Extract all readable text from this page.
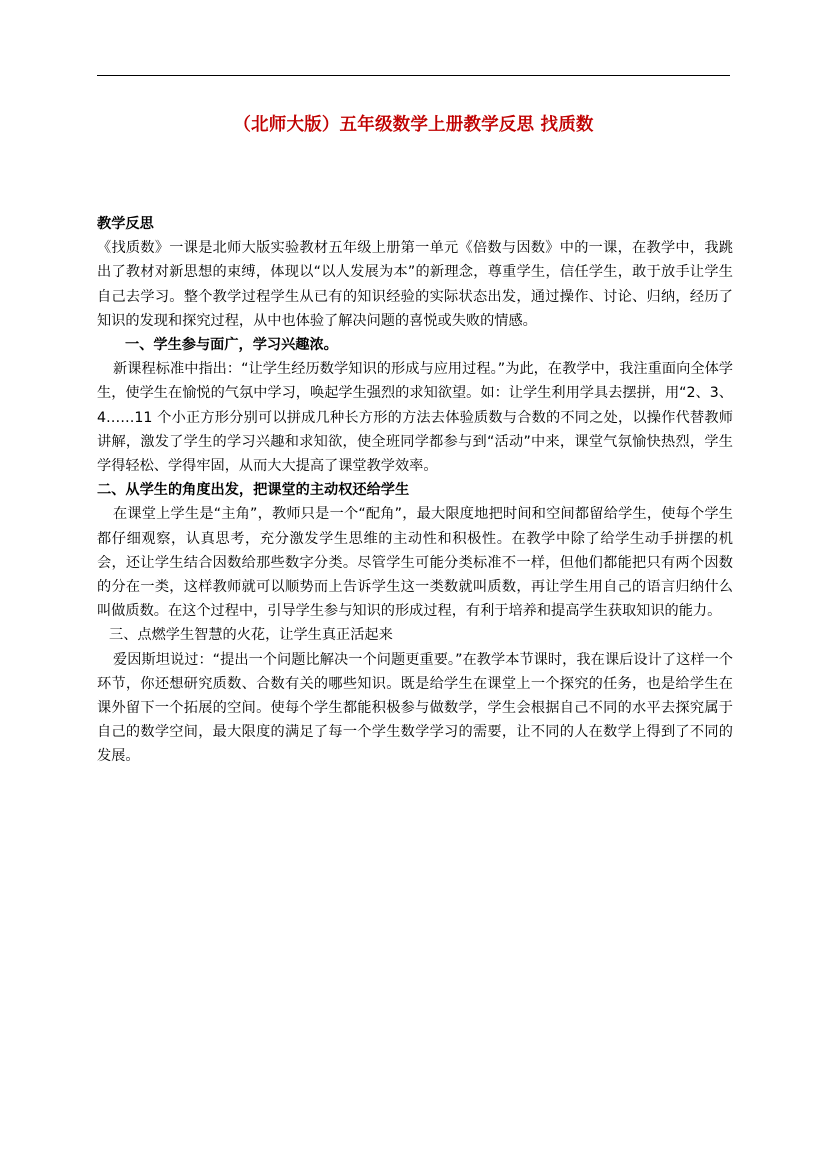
（北师大版）五年级数学上册教学反思 找质数

教学反思

《找质数》一课是北师大版实验教材五年级上册第一单元《倍数与因数》中的一课，在教学中，我跳出了教材对新思想的束缚，体现以“以人发展为本”的新理念，尊重学生，信任学生，敢于放手让学生自己去学习。整个教学过程学生从已有的知识经验的实际状态出发，通过操作、讨论、归纳，经历了知识的发现和探究过程，从中也体验了解决问题的喜悦或失败的情感。

一、学生参与面广，学习兴趣浓。

新课程标准中指出：“让学生经历数学知识的形成与应用过程。”为此，在教学中，我注重面向全体学生，使学生在愉悦的气氛中学习，唤起学生强烈的求知欲望。如：让学生利用学具去摆拼，用“2、3、4……11 个小正方形分别可以拼成几种长方形的方法去体验质数与合数的不同之处，以操作代替教师讲解，激发了学生的学习兴趣和求知欲，使全班同学都参与到“活动”中来，课堂气氛愉快热烈，学生学得轻松、学得牢固，从而大大提高了课堂教学效率。

二、从学生的角度出发，把课堂的主动权还给学生

在课堂上学生是“主角”，教师只是一个“配角”，最大限度地把时间和空间都留给学生，使每个学生都仔细观察，认真思考，充分激发学生思维的主动性和积极性。在教学中除了给学生动手拼摆的机会，还让学生结合因数给那些数字分类。尽管学生可能分类标准不一样，但他们都能把只有两个因数的分在一类，这样教师就可以顺势而上告诉学生这一类数就叫质数，再让学生用自己的语言归纳什么叫做质数。在这个过程中，引导学生参与知识的形成过程，有利于培养和提高学生获取知识的能力。

三、点燃学生智慧的火花，让学生真正活起来

爱因斯坦说过：“提出一个问题比解决一个问题更重要。”在教学本节课时，我在课后设计了这样一个环节，你还想研究质数、合数有关的哪些知识。既是给学生在课堂上一个探究的任务，也是给学生在课外留下一个拓展的空间。使每个学生都能积极参与做数学，学生会根据自己不同的水平去探究属于自己的数学空间，最大限度的满足了每一个学生数学学习的需要，让不同的人在数学上得到了不同的发展。
